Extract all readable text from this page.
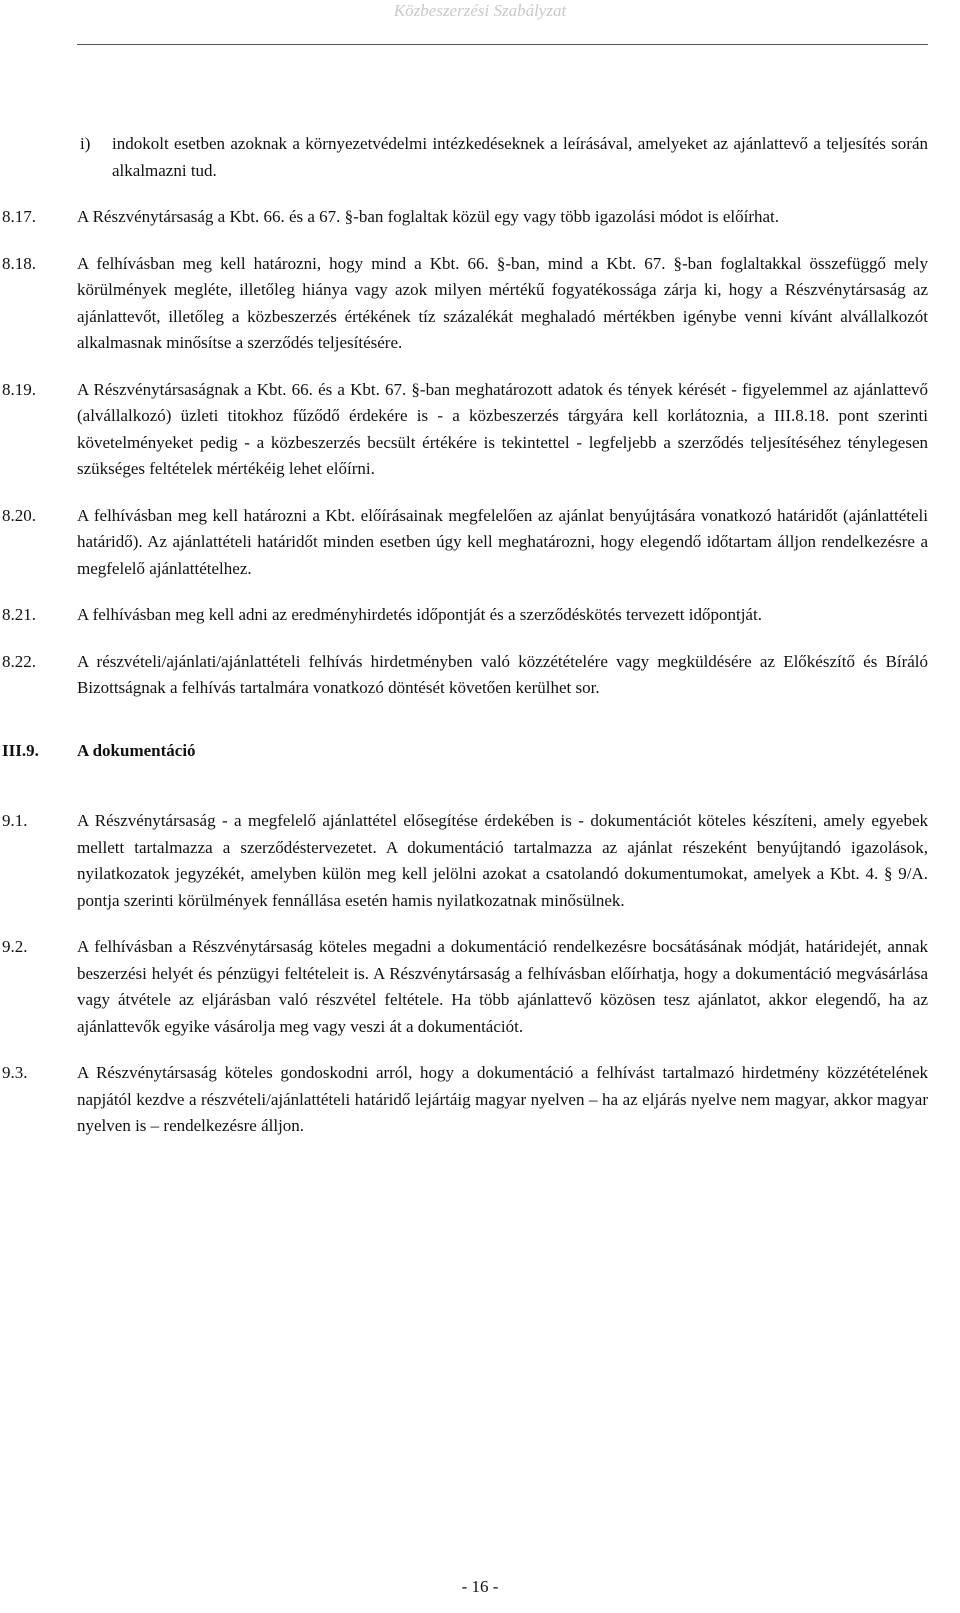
Közbeszerzési Szabályzat
i)	indokolt esetben azoknak a környezetvédelmi intézkedéseknek a leírásával, amelyeket az ajánlattevő a teljesítés során alkalmazni tud.
8.17.	A Részvénytársaság a Kbt. 66. és a 67. §-ban foglaltak közül egy vagy több igazolási módot is előírhat.
8.18.	A felhívásban meg kell határozni, hogy mind a Kbt. 66. §-ban, mind a Kbt. 67. §-ban foglaltakkal összefüggő mely körülmények megléte, illetőleg hiánya vagy azok milyen mértékű fogyatékossága zárja ki, hogy a Részvénytársaság az ajánlattevőt, illetőleg a közbeszerzés értékének tíz százalékát meghaladó mértékben igénybe venni kívánt alvállalkozót alkalmasnak minősítse a szerződés teljesítésére.
8.19.	A Részvénytársaságnak a Kbt. 66. és a Kbt. 67. §-ban meghatározott adatok és tények kérését - figyelemmel az ajánlattevő (alvállalkozó) üzleti titokhoz fűződő érdekére is - a közbeszerzés tárgyára kell korlátoznia, a III.8.18. pont szerinti követelményeket pedig - a közbeszerzés becsült értékére is tekintettel - legfeljebb a szerződés teljesítéséhez ténylegesen szükséges feltételek mértékéig lehet előírni.
8.20.	A felhívásban meg kell határozni a Kbt. előírásainak megfelelően az ajánlat benyújtására vonatkozó határidőt (ajánlattételi határidő). Az ajánlattételi határidőt minden esetben úgy kell meghatározni, hogy elegendő időtartam álljon rendelkezésre a megfelelő ajánlattételhez.
8.21.	A felhívásban meg kell adni az eredményhirdetés időpontját és a szerződéskötés tervezett időpontját.
8.22.	A részvételi/ajánlati/ajánlattételi felhívás hirdetményben való közzétételére vagy megküldésére az Előkészítő és Bíráló Bizottságnak a felhívás tartalmára vonatkozó döntését követően kerülhet sor.
III.9. A dokumentáció
9.1.	A Részvénytársaság - a megfelelő ajánlattétel elősegítése érdekében is - dokumentációt köteles készíteni, amely egyebek mellett tartalmazza a szerződéstervezetet. A dokumentáció tartalmazza az ajánlat részeként benyújtandó igazolások, nyilatkozatok jegyzékét, amelyben külön meg kell jelölni azokat a csatolandó dokumentumokat, amelyek a Kbt. 4. § 9/A. pontja szerinti körülmények fennállása esetén hamis nyilatkozatnak minősülnek.
9.2.	A felhívásban a Részvénytársaság köteles megadni a dokumentáció rendelkezésre bocsátásának módját, határidejét, annak beszerzési helyét és pénzügyi feltételeit is. A Részvénytársaság a felhívásban előírhatja, hogy a dokumentáció megvásárlása vagy átvétele az eljárásban való részvétel feltétele. Ha több ajánlattevő közösen tesz ajánlatot, akkor elegendő, ha az ajánlattevők egyike vásárolja meg vagy veszi át a dokumentációt.
9.3.	A Részvénytársaság köteles gondoskodni arról, hogy a dokumentáció a felhívást tartalmazó hirdetmény közzétételének napjától kezdve a részvételi/ajánlattételi határidő lejártáig magyar nyelven – ha az eljárás nyelve nem magyar, akkor magyar nyelven is – rendelkezésre álljon.
- 16 -
